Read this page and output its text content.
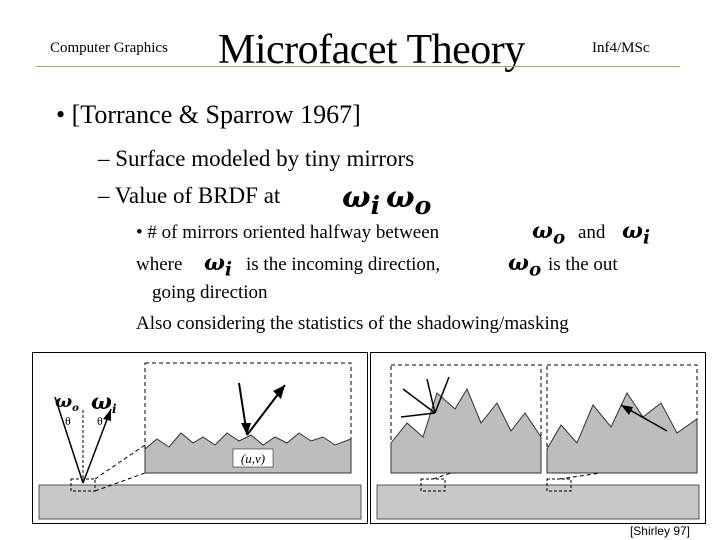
Computer Graphics Microfacet Theory	Inf4/MSc
• [Torrance & Sparrow 1967]
– Surface modeled by tiny mirrors
– Value of BRDF at $\omega_i$ $\omega_o$
• # of mirrors oriented halfway between	$\omega_o$ and $\omega_i$
where $\omega_i$ is the incoming direction,	$\omega_o$ is the out
going direction
Also considering the statistics of the shadowing/masking
(u,v)
$\omega_o$ ωi
θ θ
[Shirley 97]
